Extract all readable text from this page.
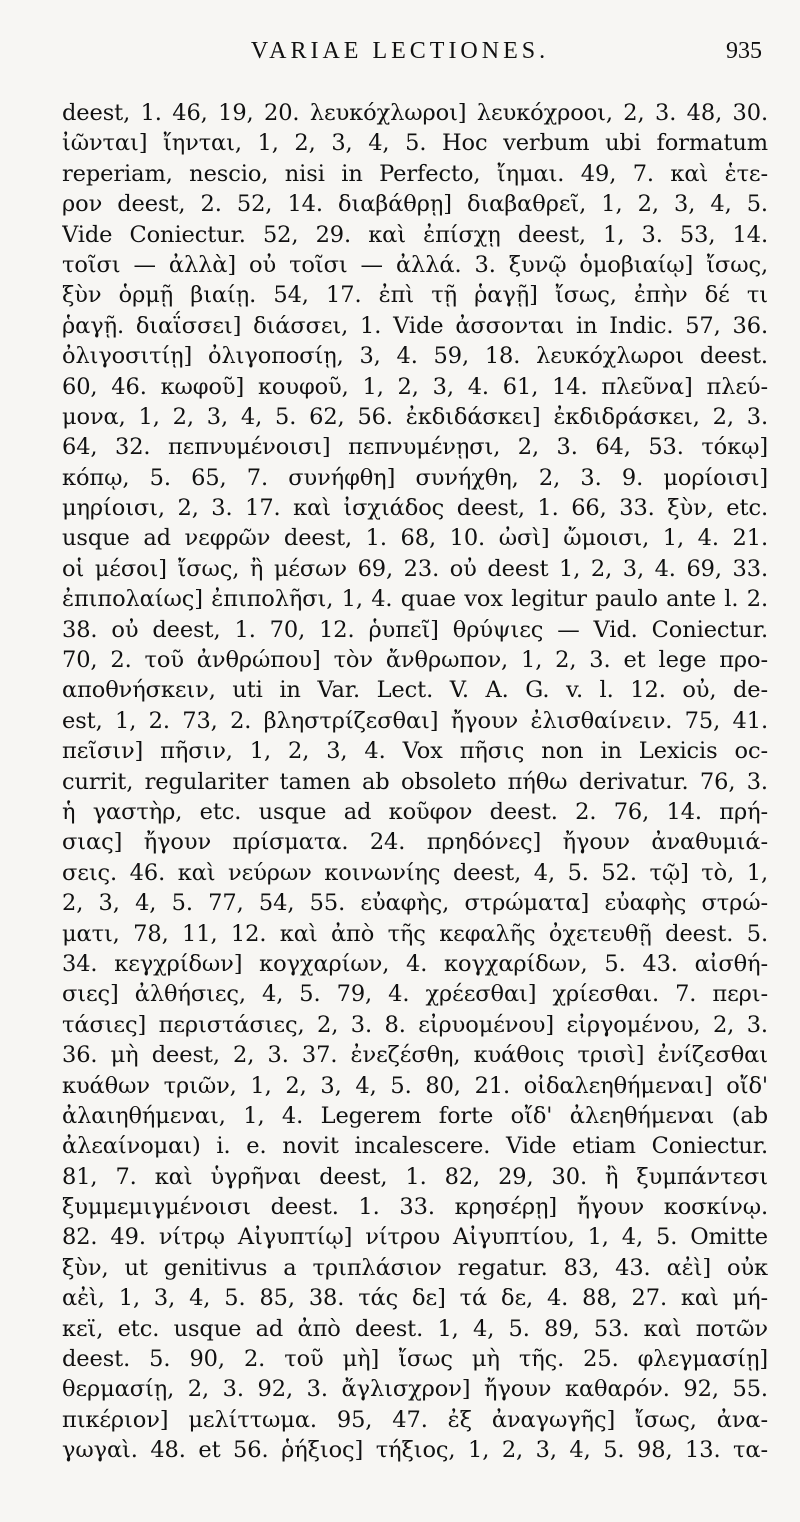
VARIAE LECTIONES.	935
deest, 1. 46, 19, 20. λευκόχλωροι] λευκόχροοι, 2, 3. 48, 30.
ἰῶνται] ἴηνται, 1, 2, 3, 4, 5. Hoc verbum ubi formatum
reperiam, nescio, nisi in Perfecto, ἴημαι. 49, 7. καὶ ἑτε-
ρον deest, 2. 52, 14. διαβάθρῃ] διαβαθρεῖ, 1, 2, 3, 4, 5.
Vide Coniectur. 52, 29. καὶ ἐπίσχῃ deest, 1, 3. 53, 14.
τοῖσι — ἀλλὰ] οὐ τοῖσι — ἀλλά. 3. ξυνῷ ὁμοβιαίῳ] ἴσως,
ξὺν ὁρμῇ βιαίῃ. 54, 17. ἐπὶ τῇ ῥαγῇ] ἴσως, ἐπὴν δέ τι
ῥαγῇ. διαΐσσει] διάσσει, 1. Vide ἀσσονται in Indic. 57, 36.
ὀλιγοσιτίῃ] ὀλιγοποσίῃ, 3, 4. 59, 18. λευκόχλωροι deest.
60, 46. κωφοῦ] κουφοῦ, 1, 2, 3, 4. 61, 14. πλεῦνα] πλεύ-
μονα, 1, 2, 3, 4, 5. 62, 56. ἐκδιδάσκει] ἐκδιδράσκει, 2, 3.
64, 32. πεπνυμένοισι] πεπνυμένῃσι, 2, 3. 64, 53. τόκῳ]
κόπῳ, 5. 65, 7. συνήφθη] συνήχθη, 2, 3. 9. μορίοισι]
μηρίοισι, 2, 3. 17. καὶ ἰσχιάδος deest, 1. 66, 33. ξὺν, etc.
usque ad νεφρῶν deest, 1. 68, 10. ὠσὶ] ὤμοισι, 1, 4. 21.
οἱ μέσοι] ἴσως, ἢ μέσων 69, 23. οὐ deest 1, 2, 3, 4. 69, 33.
ἐπιπολαίως] ἐπιπολῆσι, 1, 4. quae vox legitur paulo ante l. 2.
38. οὐ deest, 1. 70, 12. ῥυπεῖ] θρύψιες — Vid. Coniectur.
70, 2. τοῦ ἀνθρώπου] τὸν ἄνθρωπον, 1, 2, 3. et lege προ-
αποθνήσκειν, uti in Var. Lect. V. A. G. v. l. 12. οὐ, de-
est, 1, 2. 73, 2. βληστρίζεσθαι] ἤγουν ἐλισθαίνειν. 75, 41.
πεῖσιν] πῆσιν, 1, 2, 3, 4. Vox πῆσις non in Lexicis oc-
currit, regulariter tamen ab obsoleto πήθω derivatur. 76, 3.
ἡ γαστὴρ, etc. usque ad κοῦφον deest. 2. 76, 14. πρή-
σιας] ἤγουν πρίσματα. 24. πρηδόνες] ἤγουν ἀναθυμιά-
σεις. 46. καὶ νεύρων κοινωνίης deest, 4, 5. 52. τῷ] τὸ, 1,
2, 3, 4, 5. 77, 54, 55. εὐαφὴς, στρώματα] εὐαφὴς στρώ-
ματι, 78, 11, 12. καὶ ἀπὸ τῆς κεφαλῆς ὀχετευθῇ deest. 5.
34. κεγχρίδων] κογχαρίων, 4. κογχαρίδων, 5. 43. αἰσθή-
σιες] ἀλθήσιες, 4, 5. 79, 4. χρέεσθαι] χρίεσθαι. 7. περι-
τάσιες] περιστάσιες, 2, 3. 8. εἰρυομένου] εἰργομένου, 2, 3.
36. μὴ deest, 2, 3. 37. ἐνεζέσθη, κυάθοις τρισὶ] ἐνίζεσθαι
κυάθων τριῶν, 1, 2, 3, 4, 5. 80, 21. οἰδαλεηθήμεναι] οἴδ'
ἀλαιηθήμεναι, 1, 4. Legerem forte οἴδ' ἀλεηθήμεναι (ab
ἀλεαίνομαι) i. e. novit incalescere. Vide etiam Coniectur.
81, 7. καὶ ὑγρῆναι deest, 1. 82, 29, 30. ἢ ξυμπάντεσι
ξυμμεμιγμένοισι deest. 1. 33. κρησέρῃ] ἤγουν κοσκίνῳ.
82. 49. νίτρῳ Αἰγυπτίῳ] νίτρου Αἰγυπτίου, 1, 4, 5. Omitte
ξὺν, ut genitivus a τριπλάσιον regatur. 83, 43. αἐὶ] οὐκ
αἐὶ, 1, 3, 4, 5. 85, 38. τάς δε] τά δε, 4. 88, 27. καὶ μή-
κεϊ, etc. usque ad ἀπὸ deest. 1, 4, 5. 89, 53. καὶ ποτῶν
deest. 5. 90, 2. τοῦ μὴ] ἴσως μὴ τῆς. 25. φλεγμασίῃ]
θερμασίῃ, 2, 3. 92, 3. ἄγλισχρον] ἤγουν καθαρόν. 92, 55.
πικέριον] μελίττωμα. 95, 47. ἐξ ἀναγωγῆς] ἴσως, ἀνα-
γωγαὶ. 48. et 56. ῥήξιος] τήξιος, 1, 2, 3, 4, 5. 98, 13. τα-
